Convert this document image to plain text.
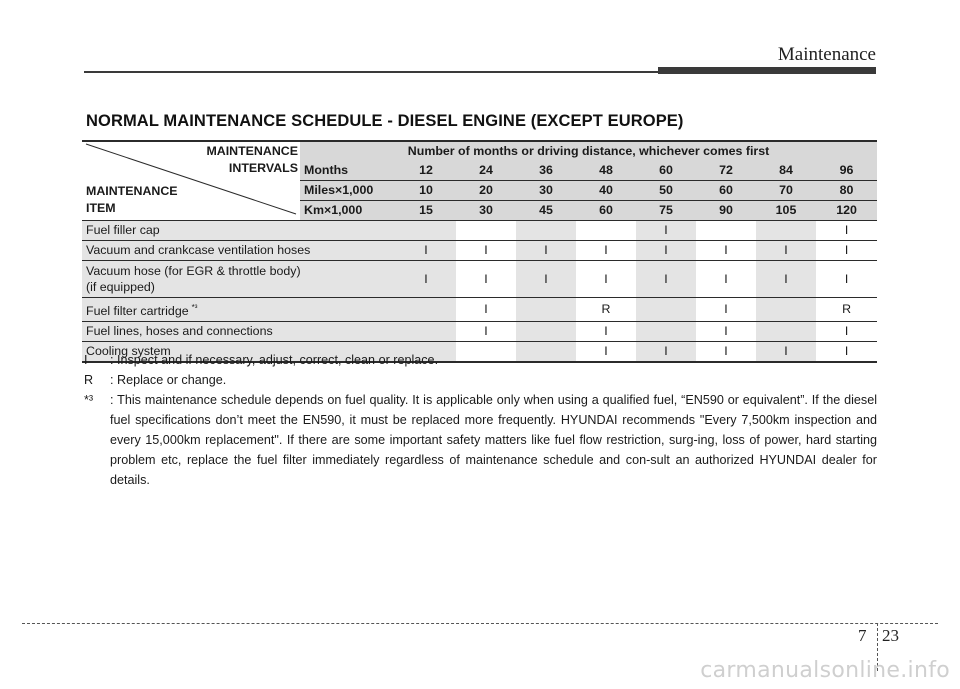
Maintenance
NORMAL MAINTENANCE SCHEDULE - DIESEL ENGINE (EXCEPT EUROPE)
MAINTENANCE
INTERVALS
MAINTENANCE
ITEM	Number of months or driving distance, whichever comes first								
	Months	12	24	36	48	60	72	84	96
	Miles×1,000	10	20	30	40	50	60	70	80
	Km×1,000	15	30	45	60	75	90	105	120
Fuel filler cap						I			I
Vacuum and crankcase ventilation hoses		I	I	I	I	I	I	I	I
Vacuum hose (for EGR & throttle body)
(if equipped)		I	I	I	I	I	I	I	I
Fuel filter cartridge $^{*^3}$			I		R		I		R
Fuel lines, hoses and connections			I		I		I		I
Cooling system					I	I	I	I	I
I	: Inspect and if necessary, adjust, correct, clean or replace.
R	: Replace or change.
*³	: This maintenance schedule depends on fuel quality. It is applicable only when using a qualified fuel, “EN590 or equivalent”. If the diesel fuel specifications don’t meet the EN590, it must be replaced more frequently. HYUNDAI recommends "Every 7,500km inspection and every 15,000km replacement". If there are some important safety matters like fuel flow restriction, surg-ing, loss of power, hard starting problem etc, replace the fuel filter immediately regardless of maintenance schedule and con-sult an authorized HYUNDAI dealer for details.
7 23
carmanualsonline.info
